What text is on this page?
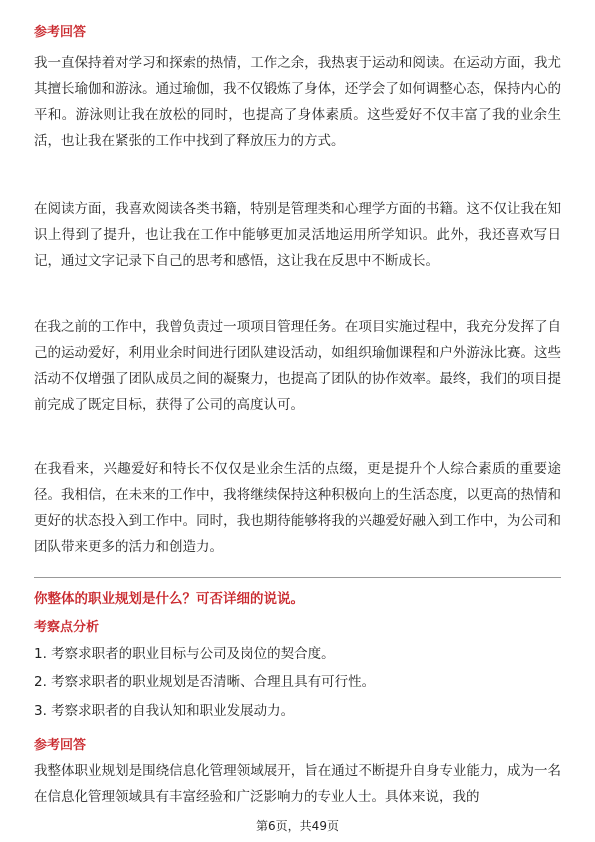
参考回答

我一直保持着对学习和探索的热情，工作之余，我热衷于运动和阅读。在运动方面，我尤其擅长瑜伽和游泳。通过瑜伽，我不仅锻炼了身体，还学会了如何调整心态，保持内心的平和。游泳则让我在放松的同时，也提高了身体素质。这些爱好不仅丰富了我的业余生活，也让我在紧张的工作中找到了释放压力的方式。

在阅读方面，我喜欢阅读各类书籍，特别是管理类和心理学方面的书籍。这不仅让我在知识上得到了提升，也让我在工作中能够更加灵活地运用所学知识。此外，我还喜欢写日记，通过文字记录下自己的思考和感悟，这让我在反思中不断成长。

在我之前的工作中，我曾负责过一项项目管理任务。在项目实施过程中，我充分发挥了自己的运动爱好，利用业余时间进行团队建设活动，如组织瑜伽课程和户外游泳比赛。这些活动不仅增强了团队成员之间的凝聚力，也提高了团队的协作效率。最终，我们的项目提前完成了既定目标，获得了公司的高度认可。

在我看来，兴趣爱好和特长不仅仅是业余生活的点缀，更是提升个人综合素质的重要途径。我相信，在未来的工作中，我将继续保持这种积极向上的生活态度，以更高的热情和更好的状态投入到工作中。同时，我也期待能够将我的兴趣爱好融入到工作中，为公司和团队带来更多的活力和创造力。

你整体的职业规划是什么？可否详细的说说。

考察点分析

1. 考察求职者的职业目标与公司及岗位的契合度。

2. 考察求职者的职业规划是否清晰、合理且具有可行性。

3. 考察求职者的自我认知和职业发展动力。

参考回答

我整体职业规划是围绕信息化管理领域展开，旨在通过不断提升自身专业能力，成为一名在信息化管理领域具有丰富经验和广泛影响力的专业人士。具体来说，我的

第6页，共49页
